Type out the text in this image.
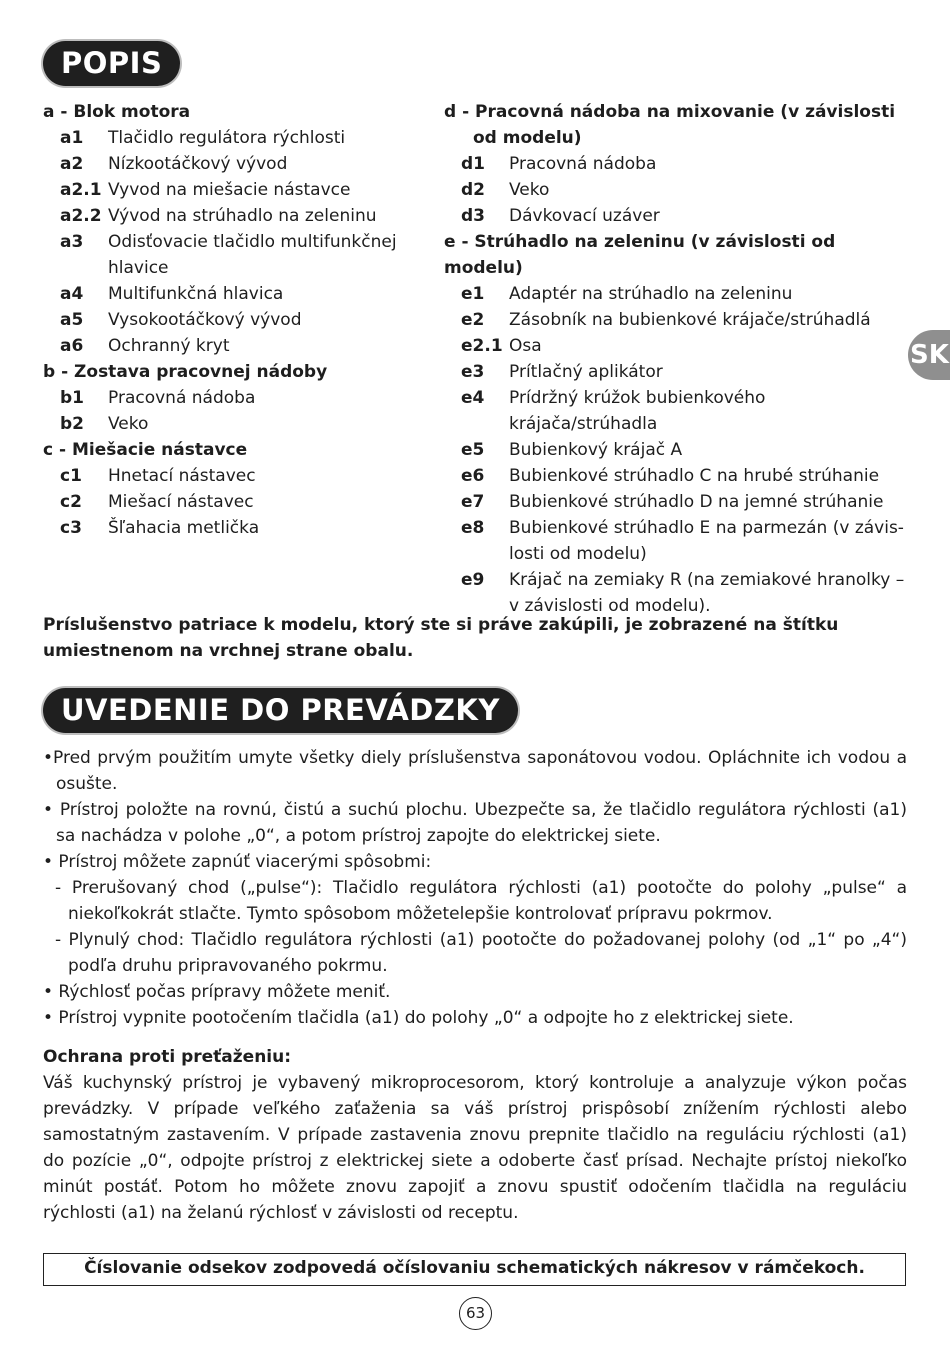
POPIS
SK
a - Blok motora
a1	Tlačidlo regulátora rýchlosti
a2	Nízkootáčkový vývod
a2.1 Vyvod na miešacie nástavce
a2.2 Vývod na strúhadlo na zeleninu
a3	Odisťovacie tlačidlo multifunkčnej hlavice
a4	Multifunkčná hlavica
a5	Vysokootáčkový vývod
a6	Ochranný kryt
b - Zostava pracovnej nádoby
b1	Pracovná nádoba
b2	Veko
c - Miešacie nástavce
c1	Hnetací nástavec
c2	Miešací nástavec
c3	Šľahacia metlička
d - Pracovná nádoba na mixovanie (v závislosti od modelu)
d1	Pracovná nádoba
d2	Veko
d3	Dávkovací uzáver
e - Strúhadlo na zeleninu (v závislosti od modelu)
e1	Adaptér na strúhadlo na zeleninu
e2	Zásobník na bubienkové krájače/strúhadlá
e2.1 Osa
e3	Prítlačný aplikátor
e4	Prídržný krúžok bubienkového krájača/strúhadla
e5	Bubienkový krájač A
e6	Bubienkové strúhadlo C na hrubé strúhanie
e7	Bubienkové strúhadlo D na jemné strúhanie
e8	Bubienkové strúhadlo E na parmezán (v závis-losti od modelu)
e9	Krájač na zemiaky R (na zemiakové hranolky – v závislosti od modelu).
Príslušenstvo patriace k modelu, ktorý ste si práve zakúpili, je zobrazené na štítku umiestnenom na vrchnej strane obalu.
UVEDENIE DO PREVÁDZKY
•Pred prvým použitím umyte všetky diely príslušenstva saponátovou vodou. Opláchnite ich vodou a osušte.
• Prístroj položte na rovnú, čistú a suchú plochu. Ubezpečte sa, že tlačidlo regulátora rýchlosti (a1) sa nachádza v polohe „0“, a potom prístroj zapojte do elektrickej siete.
• Prístroj môžete zapnúť viacerými spôsobmi:
- Prerušovaný chod („pulse“): Tlačidlo regulátora rýchlosti (a1) pootočte do polohy „pulse“ a niekoľkokrát stlačte. Tymto spôsobom môžetelepšie kontrolovať prípravu pokrmov.
- Plynulý chod: Tlačidlo regulátora rýchlosti (a1) pootočte do požadovanej polohy (od „1“ po „4“) podľa druhu pripravovaného pokrmu.
• Rýchlosť počas prípravy môžete meniť.
• Prístroj vypnite pootočením tlačidla (a1) do polohy „0“ a odpojte ho z elektrickej siete.
Ochrana proti preťaženiu:
Váš kuchynský prístroj je vybavený mikroprocesorom, ktorý kontroluje a analyzuje výkon počas prevádzky. V prípade veľkého zaťaženia sa váš prístroj prispôsobí znížením rýchlosti alebo samostatným zastavením. V prípade zastavenia znovu prepnite tlačidlo na reguláciu rýchlosti (a1) do pozície „0“, odpojte prístroj z elektrickej siete a odoberte časť prísad. Nechajte prístoj niekoľko minút postáť. Potom ho môžete znovu zapojiť a znovu spustiť odočením tlačidla na reguláciu rýchlosti (a1) na želanú rýchlosť v závislosti od receptu.
Číslovanie odsekov zodpovedá očíslovaniu schematických nákresov v rámčekoch.
63
